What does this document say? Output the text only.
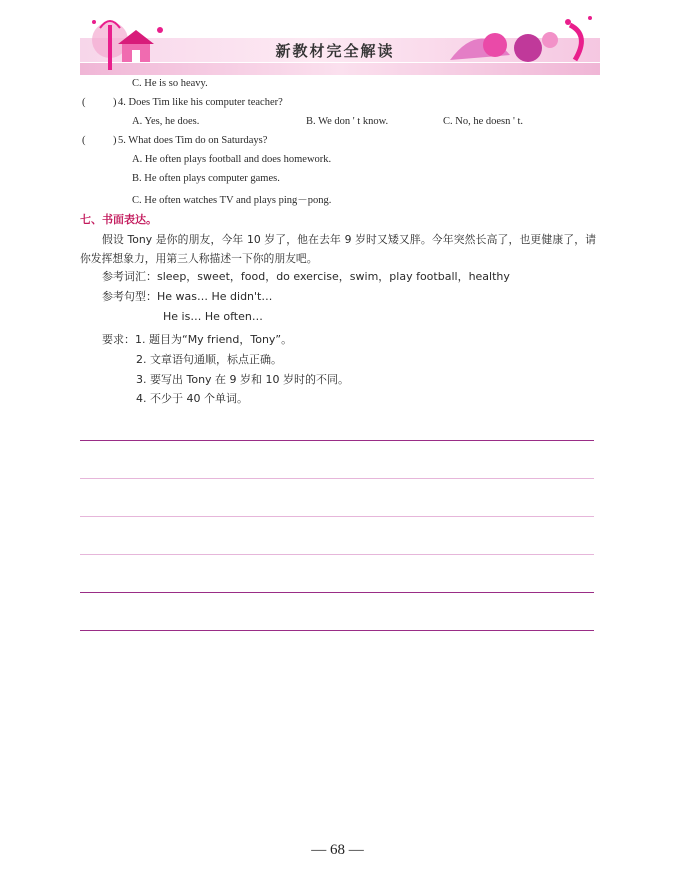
新教材完全解读
C. He is so heavy.
(	) 4. Does Tim like his computer teacher?
A. Yes, he does.	B. We don ' t know.	C. No, he doesn ' t.
(	) 5. What does Tim do on Saturdays?
A. He often plays football and does homework.
B. He often plays computer games.
C. He often watches TV and plays ping－pong.
七、书面表达。
假设 Tony 是你的朋友，今年 10 岁了，他在去年 9 岁时又矮又胖。今年突然长高了，也更健康了，请你发挥想象力，用第三人称描述一下你的朋友吧。
参考词汇：sleep，sweet，food，do exercise，swim，play football，healthy
参考句型：He was… He didn't…
He is… He often…
要求：1. 题目为“My friend，Tony”。
2. 文章语句通顺，标点正确。
3. 要写出 Tony 在 9 岁和 10 岁时的不同。
4. 不少于 40 个单词。
— 68 —
